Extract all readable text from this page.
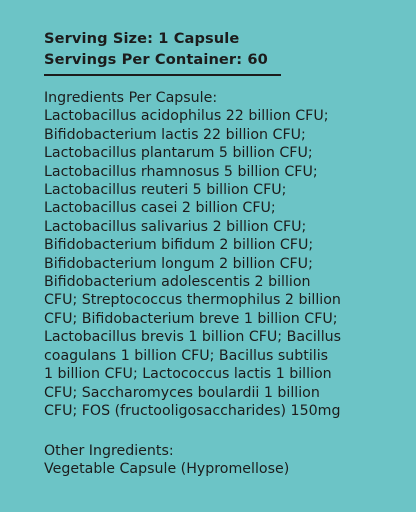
Serving Size: 1 Capsule
Servings Per Container: 60
Ingredients Per Capsule:
Lactobacillus acidophilus 22 billion CFU;
Bifidobacterium lactis 22 billion CFU;
Lactobacillus plantarum 5 billion CFU;
Lactobacillus rhamnosus 5 billion CFU;
Lactobacillus reuteri 5 billion CFU;
Lactobacillus casei 2 billion CFU;
Lactobacillus salivarius 2 billion CFU;
Bifidobacterium bifidum 2 billion CFU;
Bifidobacterium longum 2 billion CFU;
Bifidobacterium adolescentis 2 billion
CFU; Streptococcus thermophilus 2 billion
CFU; Bifidobacterium breve 1 billion CFU;
Lactobacillus brevis 1 billion CFU; Bacillus
coagulans 1 billion CFU; Bacillus subtilis
1 billion CFU; Lactococcus lactis 1 billion
CFU; Saccharomyces boulardii 1 billion
CFU; FOS (fructooligosaccharides) 150mg
Other Ingredients:
Vegetable Capsule (Hypromellose)
